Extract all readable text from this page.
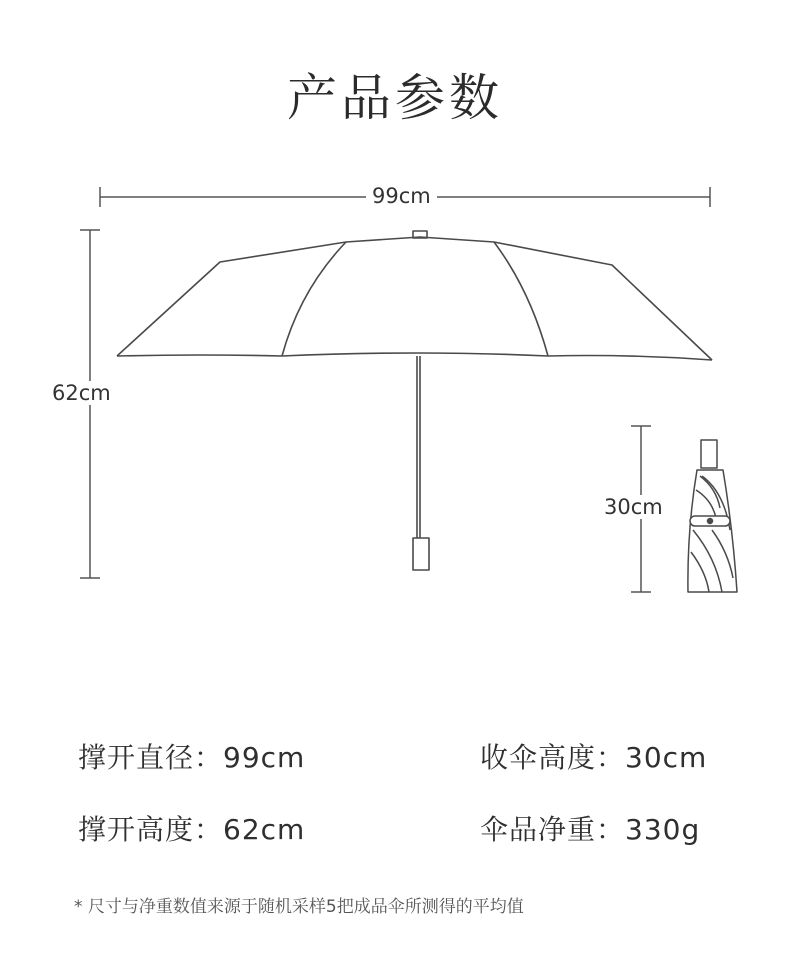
产品参数
99cm
62cm
30cm
撑开直径：99cm	收伞高度：30cm
撑开高度：62cm	伞品净重：330g
* 尺寸与净重数值来源于随机采样5把成品伞所测得的平均值
